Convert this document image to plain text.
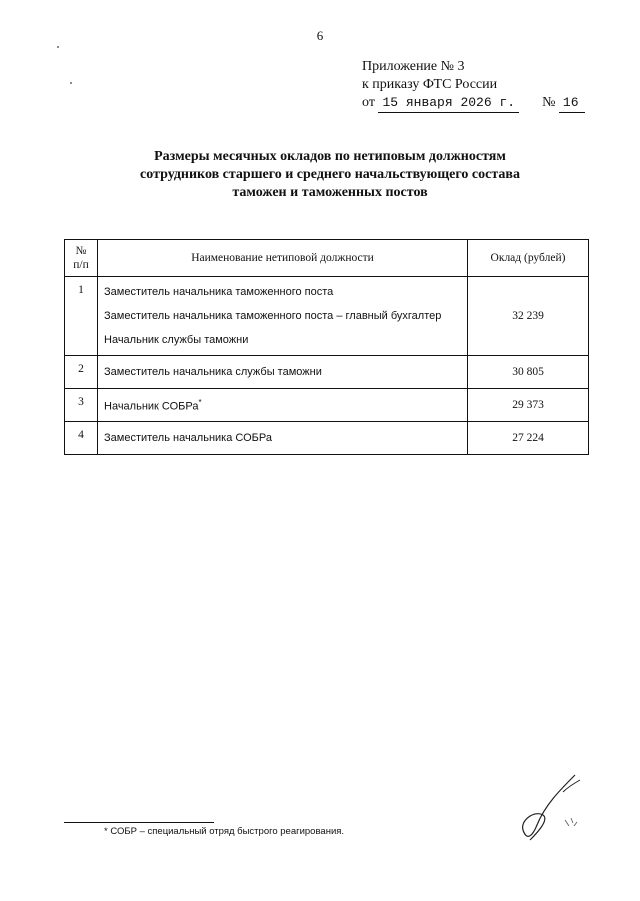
6
Приложение № 3
к приказу ФТС России
от 15 января 2026 г. № 16
Размеры месячных окладов по нетиповым должностям
сотрудников старшего и среднего начальствующего состава
таможен и таможенных постов
№
п/п	Наименование нетиповой должности	Оклад (рублей)
1	Заместитель начальника таможенного поста
Заместитель начальника таможенного поста – главный бухгалтер
Начальник службы таможни	32 239
2	Заместитель начальника службы таможни	30 805
3	Начальник СОБРа*	29 373
4	Заместитель начальника СОБРа	27 224
* СОБР – специальный отряд быстрого реагирования.
